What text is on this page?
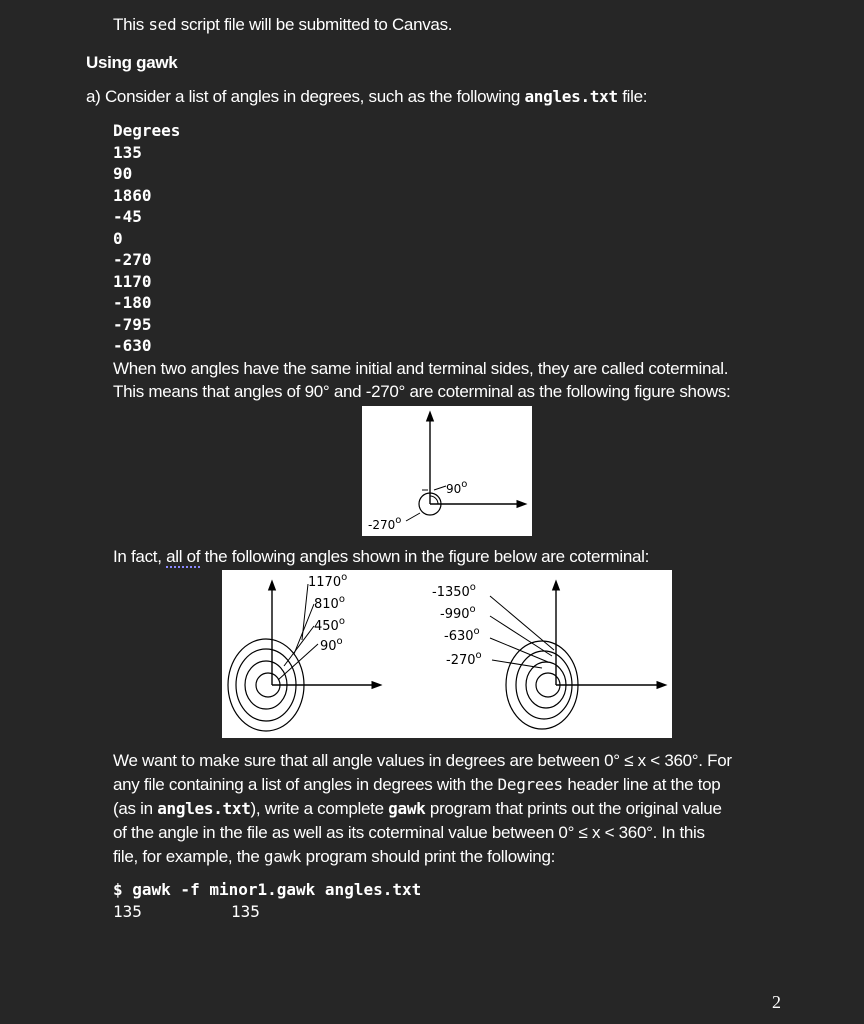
This sed script file will be submitted to Canvas.
Using gawk
a) Consider a list of angles in degrees, such as the following angles.txt file:
Degrees
135
90
1860
-45
0
-270
1170
-180
-795
-630
When two angles have the same initial and terminal sides, they are called coterminal.
This means that angles of 90° and -270° are coterminal as the following figure shows:
90$^o$
-270$^o$
In fact, all of the following angles shown in the figure below are coterminal:
1170$^o$
810$^o$
450$^o$
90$^o$
-1350$^o$
-990$^o$
-630$^o$
-270$^o$
We want to make sure that all angle values in degrees are between 0° ≤ x < 360°. For
any file containing a list of angles in degrees with the Degrees header line at the top
(as in angles.txt), write a complete gawk program that prints out the original value
of the angle in the file as well as its coterminal value between 0° ≤ x < 360°. In this
file, for example, the gawk program should print the following:
$ gawk -f minor1.gawk angles.txt
135	135
2
